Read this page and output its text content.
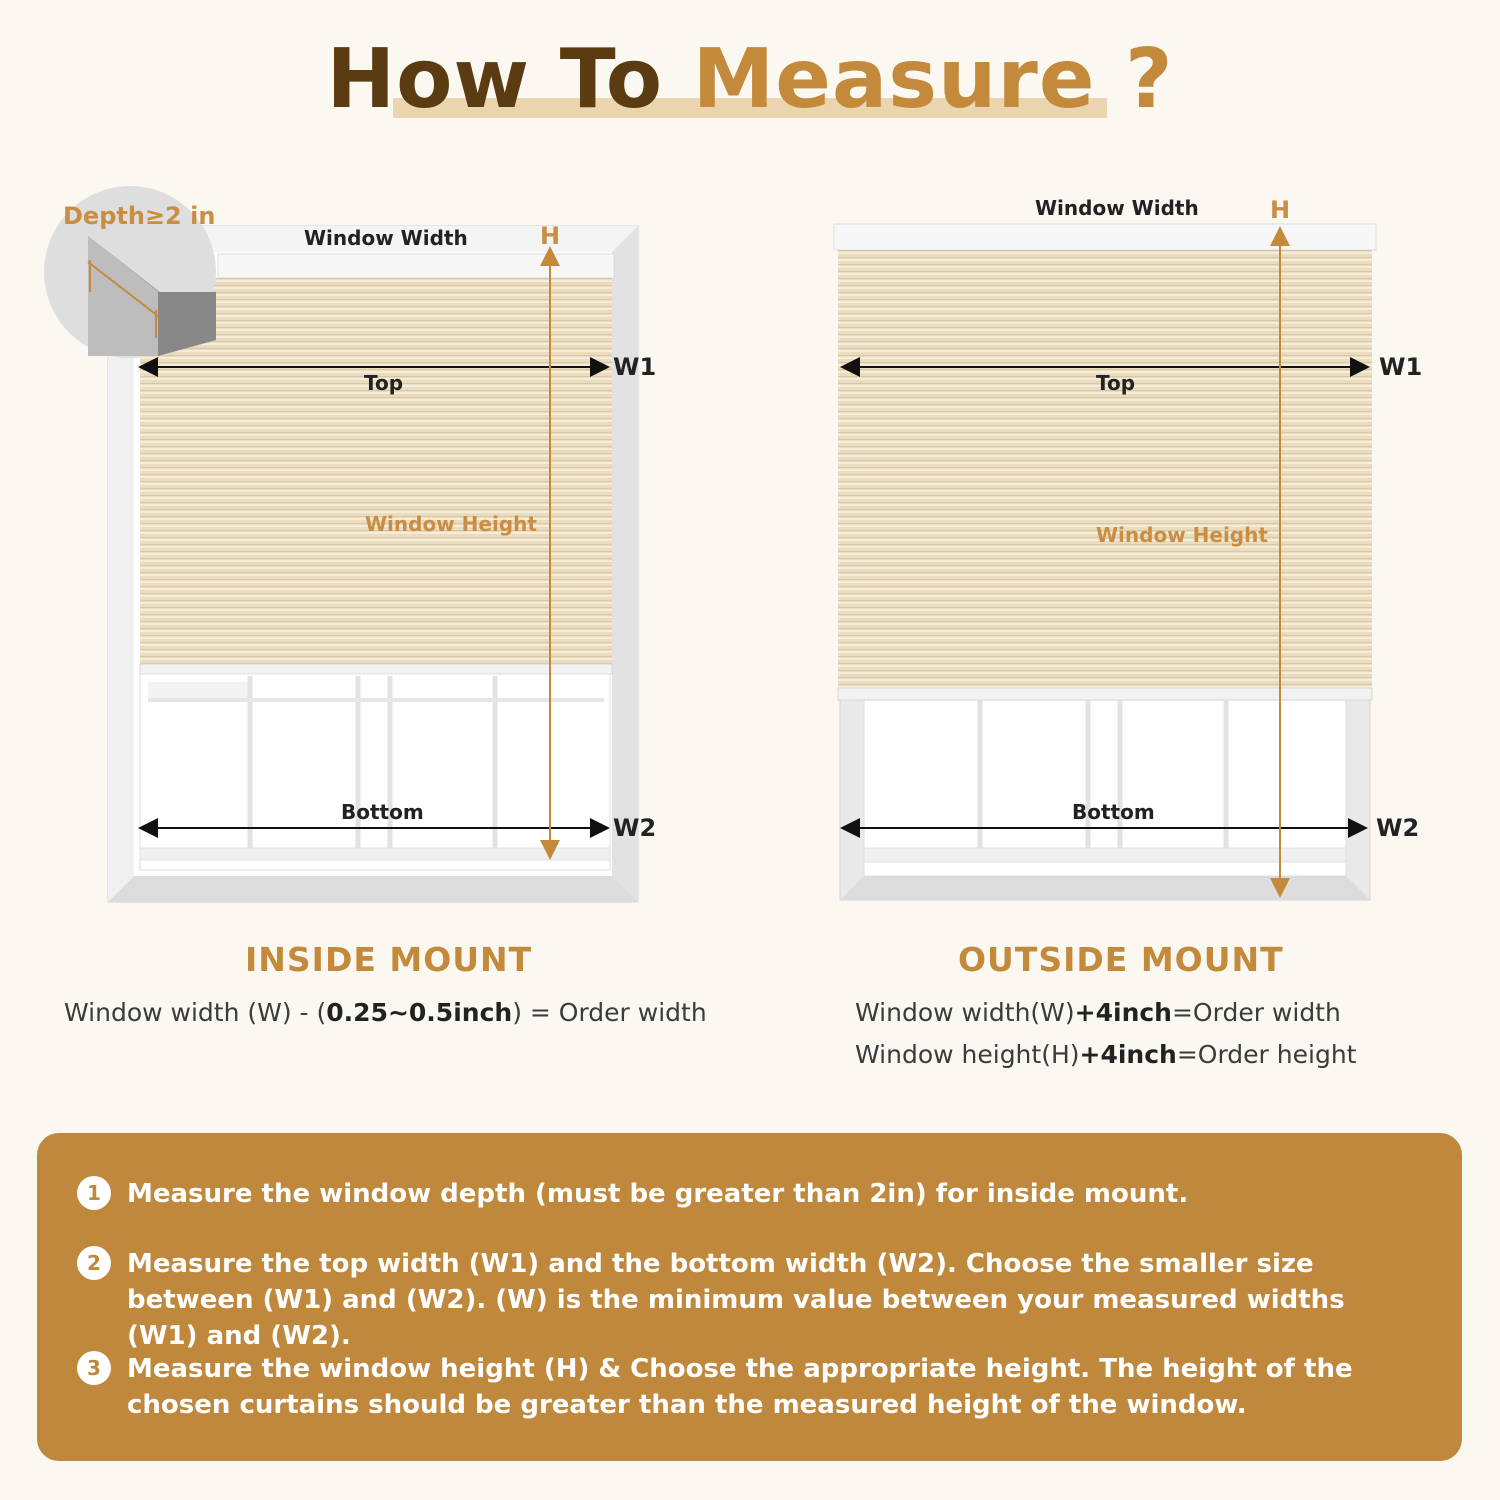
How To Measure ?
Depth≥2 in
Window Width	H
Top
W1
Window Height
Bottom
W2
Window Width	H
Top
W1
Window Height
Bottom
W2
INSIDE MOUNT
Window width (W) - (0.25~0.5inch) = Order width
OUTSIDE MOUNT
Window width(W)+4inch=Order width
Window height(H)+4inch=Order height
1	Measure the window depth (must be greater than 2in) for inside mount.
2	Measure the top width (W1) and the bottom width (W2). Choose the smaller size between (W1) and (W2). (W) is the minimum value between your measured widths (W1) and (W2).
3	Measure the window height (H) & Choose the appropriate height. The height of the chosen curtains should be greater than the measured height of the window.
